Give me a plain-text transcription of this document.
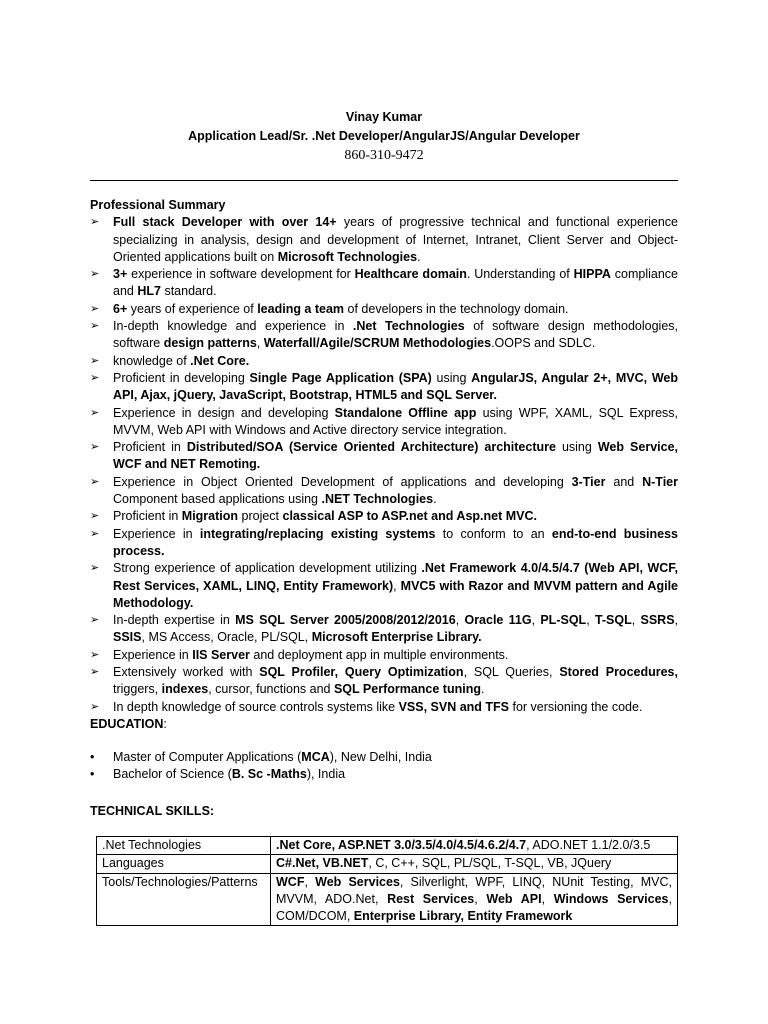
Vinay Kumar
Application Lead/Sr. .Net Developer/AngularJS/Angular Developer
860-310-9472
Professional Summary
➢ Full stack Developer with over 14+ years of progressive technical and functional experience specializing in analysis, design and development of Internet, Intranet, Client Server and Object-Oriented applications built on Microsoft Technologies.
➢ 3+ experience in software development for Healthcare domain. Understanding of HIPPA compliance and HL7 standard.
➢ 6+ years of experience of leading a team of developers in the technology domain.
➢ In-depth knowledge and experience in .Net Technologies of software design methodologies, software design patterns, Waterfall/Agile/SCRUM Methodologies.OOPS and SDLC.
➢ knowledge of .Net Core.
➢ Proficient in developing Single Page Application (SPA) using AngularJS, Angular 2+, MVC, Web API, Ajax, jQuery, JavaScript, Bootstrap, HTML5 and SQL Server.
➢ Experience in design and developing Standalone Offline app using WPF, XAML, SQL Express, MVVM, Web API with Windows and Active directory service integration.
➢ Proficient in Distributed/SOA (Service Oriented Architecture) architecture using Web Service, WCF and NET Remoting.
➢ Experience in Object Oriented Development of applications and developing 3-Tier and N-Tier Component based applications using .NET Technologies.
➢ Proficient in Migration project classical ASP to ASP.net and Asp.net MVC.
➢ Experience in integrating/replacing existing systems to conform to an end-to-end business process.
➢ Strong experience of application development utilizing .Net Framework 4.0/4.5/4.7 (Web API, WCF, Rest Services, XAML, LINQ, Entity Framework), MVC5 with Razor and MVVM pattern and Agile Methodology.
➢ In-depth expertise in MS SQL Server 2005/2008/2012/2016, Oracle 11G, PL-SQL, T-SQL, SSRS, SSIS, MS Access, Oracle, PL/SQL, Microsoft Enterprise Library.
➢ Experience in IIS Server and deployment app in multiple environments.
➢ Extensively worked with SQL Profiler, Query Optimization, SQL Queries, Stored Procedures, triggers, indexes, cursor, functions and SQL Performance tuning.
➢ In depth knowledge of source controls systems like VSS, SVN and TFS for versioning the code.
EDUCATION:
• Master of Computer Applications (MCA), New Delhi, India
• Bachelor of Science (B. Sc -Maths), India
TECHNICAL SKILLS:
.Net Technologies	.Net Core, ASP.NET 3.0/3.5/4.0/4.5/4.6.2/4.7, ADO.NET 1.1/2.0/3.5
Languages	C#.Net, VB.NET, C, C++, SQL, PL/SQL, T-SQL, VB, JQuery
Tools/Technologies/Patterns	WCF, Web Services, Silverlight, WPF, LINQ, NUnit Testing, MVC, MVVM, ADO.Net, Rest Services, Web API, Windows Services, COM/DCOM, Enterprise Library, Entity Framework
